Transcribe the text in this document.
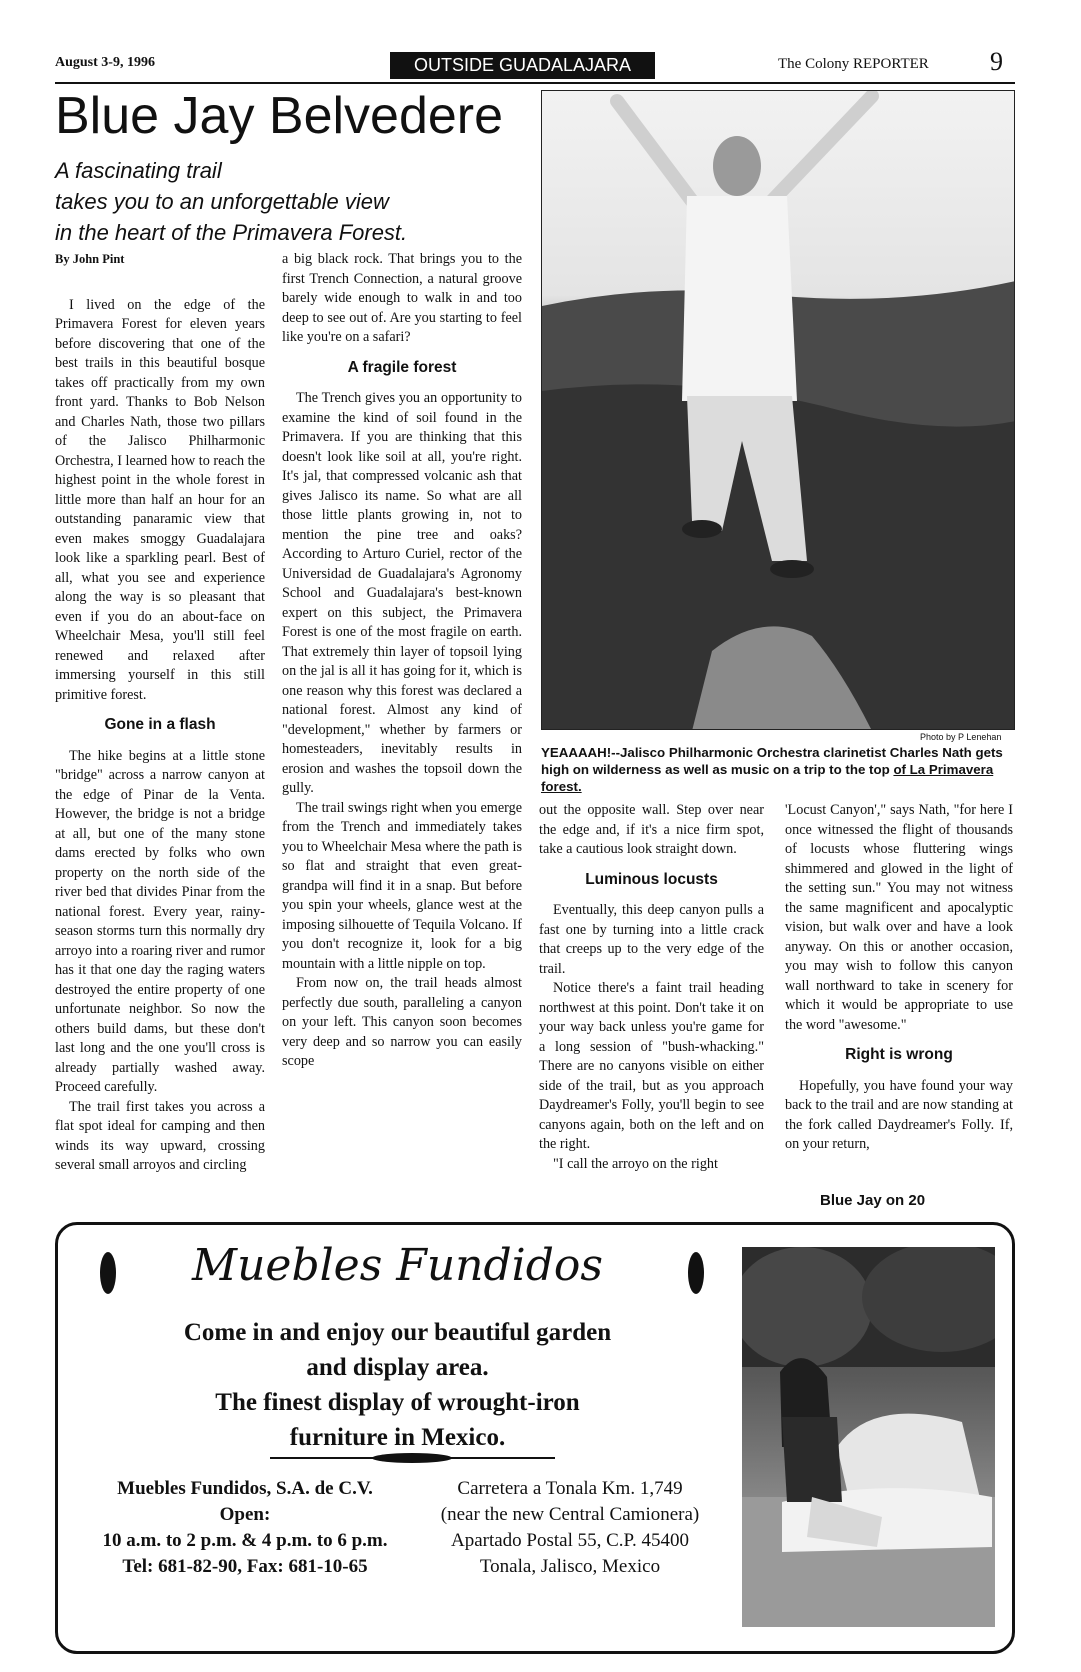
August 3-9, 1996	OUTSIDE GUADALAJARA	The Colony REPORTER 9
Blue Jay Belvedere
A fascinating trail
takes you to an unforgettable view
in the heart of the Primavera Forest.
By John Pint

I lived on the edge of the Primavera Forest for eleven years before discovering that one of the best trails in this beautiful bosque takes off practically from my own front yard. Thanks to Bob Nelson and Charles Nath, those two pillars of the Jalisco Philharmonic Orchestra, I learned how to reach the highest point in the whole forest in little more than half an hour for an outstanding panaramic view that even makes smoggy Guadalajara look like a sparkling pearl. Best of all, what you see and experience along the way is so pleasant that even if you do an about-face on Wheelchair Mesa, you'll still feel renewed and relaxed after immersing yourself in this still primitive forest.

Gone in a flash

The hike begins at a little stone "bridge" across a narrow canyon at the edge of Pinar de la Venta. However, the bridge is not a bridge at all, but one of the many stone dams erected by folks who own property on the north side of the river bed that divides Pinar from the national forest. Every year, rainy-season storms turn this normally dry arroyo into a roaring river and rumor has it that one day the raging waters destroyed the entire property of one unfortunate neighbor. So now the others build dams, but these don't last long and the one you'll cross is already partially washed away. Proceed carefully.

The trail first takes you across a flat spot ideal for camping and then winds its way upward, crossing several small arroyos and circling

a big black rock. That brings you to the first Trench Connection, a natural groove barely wide enough to walk in and too deep to see out of. Are you starting to feel like you're on a safari?

A fragile forest

The Trench gives you an opportunity to examine the kind of soil found in the Primavera. If you are thinking that this doesn't look like soil at all, you're right. It's jal, that compressed volcanic ash that gives Jalisco its name. So what are all those little plants growing in, not to mention the pine tree and oaks? According to Arturo Curiel, rector of the Universidad de Guadalajara's Agronomy School and Guadalajara's best-known expert on this subject, the Primavera Forest is one of the most fragile on earth. That extremely thin layer of topsoil lying on the jal is all it has going for it, which is one reason why this forest was declared a national forest. Almost any kind of "development," whether by farmers or homesteaders, inevitably results in erosion and washes the topsoil down the gully.

The trail swings right when you emerge from the Trench and immediately takes you to Wheelchair Mesa where the path is so flat and straight that even great-grandpa will find it in a snap. But before you spin your wheels, glance west at the imposing silhouette of Tequila Volcano. If you don't recognize it, look for a big mountain with a little nipple on top.

From now on, the trail heads almost perfectly due south, paralleling a canyon on your left. This canyon soon becomes very deep and so narrow you can easily scope

Photo by P Lenehan
YEAAAAH!--Jalisco Philharmonic Orchestra clarinetist Charles Nath gets high on wilderness as well as music on a trip to the top of La Primavera forest.

out the opposite wall. Step over near the edge and, if it's a nice firm spot, take a cautious look straight down.

Luminous locusts

Eventually, this deep canyon pulls a fast one by turning into a little crack that creeps up to the very edge of the trail.

Notice there's a faint trail heading northwest at this point. Don't take it on your way back unless you're game for a long session of "bush-whacking." There are no canyons visible on either side of the trail, but as you approach Daydreamer's Folly, you'll begin to see canyons again, both on the left and on the right.

"I call the arroyo on the right

'Locust Canyon'," says Nath, "for here I once witnessed the flight of thousands of locusts whose fluttering wings shimmered and glowed in the light of the setting sun." You may not witness the same magnificent and apocalyptic vision, but walk over and have a look anyway. On this or another occasion, you may wish to follow this canyon wall northward to take in scenery for which it would be appropriate to use the word "awesome."

Right is wrong

Hopefully, you have found your way back to the trail and are now standing at the fork called Daydreamer's Folly. If, on your return,

Blue Jay on 20
Muebles Fundidos
Come in and enjoy our beautiful garden
and display area.
The finest display of wrought-iron
furniture in Mexico.
Muebles Fundidos, S.A. de C.V.
Open:
10 a.m. to 2 p.m. & 4 p.m. to 6 p.m.
Tel: 681-82-90, Fax: 681-10-65
Carretera a Tonala Km. 1,749
(near the new Central Camionera)
Apartado Postal 55, C.P. 45400
Tonala, Jalisco, Mexico
